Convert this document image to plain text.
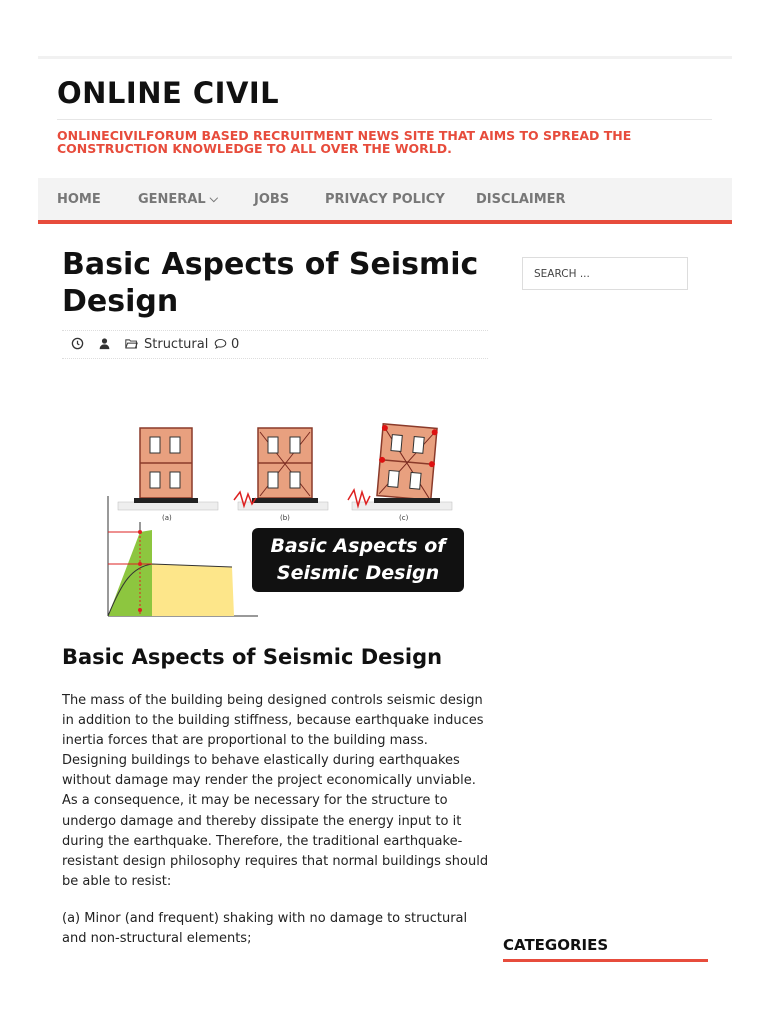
ONLINE CIVIL
ONLINECIVILFORUM BASED RECRUITMENT NEWS SITE THAT AIMS TO SPREAD THE CONSTRUCTION KNOWLEDGE TO ALL OVER THE WORLD.
HOME	GENERAL ⌵	JOBS	PRIVACY POLICY DISCLAIMER
Basic Aspects of Seismic Design
Structural 0
(a)	(b)	(c)
Basic Aspects of
Seismic Design
Basic Aspects of Seismic Design

The mass of the building being designed controls seismic design in addition to the building stiffness, because earthquake induces inertia forces that are proportional to the building mass. Designing buildings to behave elastically during earthquakes without damage may render the project economically unviable. As a consequence, it may be necessary for the structure to undergo damage and thereby dissipate the energy input to it during the earthquake. Therefore, the traditional earthquake-resistant design philosophy requires that normal buildings should be able to resist:

(a) Minor (and frequent) shaking with no damage to structural and non-structural elements;

SEARCH ...
CATEGORIES
